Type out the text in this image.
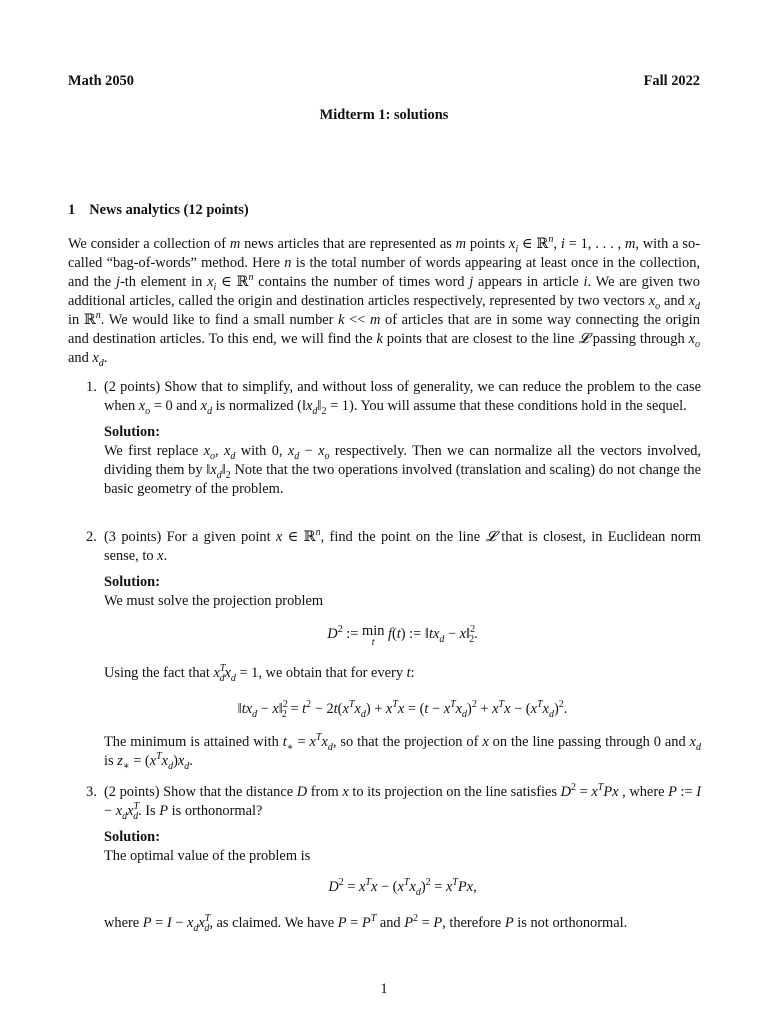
Math 2050	Fall 2022
Midterm 1: solutions
1 News analytics (12 points)

We consider a collection of m news articles that are represented as m points $x_i$ ∈ ℝ$^n$, i = 1, . . . , m, with a so-called “bag-of-words” method. Here n is the total number of words appearing at least once in the collection, and the j-th element in $x_i$ ∈ ℝ$^n$ contains the number of times word j appears in article i. We are given two additional articles, called the origin and destination articles respectively, represented by two vectors $x_o$ and $x_d$ in ℝ$^n$. We would like to find a small number k << m of articles that are in some way connecting the origin and destination articles. To this end, we will find the k points that are closest to the line 𝓛 passing through $x_o$ and $x_d$.

1. (2 points) Show that to simplify, and without loss of generality, we can reduce the problem to the case when $x_o = 0$ and $x_d$ is normalized $(‖x_d‖_2 = 1)$. You will assume that these conditions hold in the sequel.

Solution:

We first replace $x_o$, $x_d$ with 0, $x_d - x_o$ respectively. Then we can normalize all the vectors involved, dividing them by $‖x_d‖_2$ Note that the two operations involved (translation and scaling) do not change the basic geometry of the problem.

2. (3 points) For a given point x ∈ ℝ$^n$, find the point on the line 𝓛 that is closest, in Euclidean norm sense, to x.

Solution:

We must solve the projection problem

$D^2$ := min
t
f(t) := $‖tx_d$ − x‖$^2_2$.

Using the fact that $x^T_dx_d = 1$, we obtain that for every t:

$‖tx_d$ − x‖$^2_2$ = $t^2 - 2t(x^Tx_d) + x^Tx = (t - x^Tx_d)^2 + x^Tx - (x^Tx_d)^2$.

The minimum is attained with $t_∗ = x^Tx_d$, so that the projection of x on the line passing through 0 and $x_d$ is $z_∗ = (x^Tx_d)x_d$.

3. (2 points) Show that the distance D from x to its projection on the line satisfies $D^2 = x^TPx$ , where P := $I - x_dx^T_d$. Is P is orthonormal?

Solution:

The optimal value of the problem is

$D^2 = x^Tx - (x^Tx_d)^2 = x^TPx$,

where $P = I - x_dx^T_d$, as claimed. We have $P = P^T$ and $P^2 = P$, therefore P is not orthonormal.

1
